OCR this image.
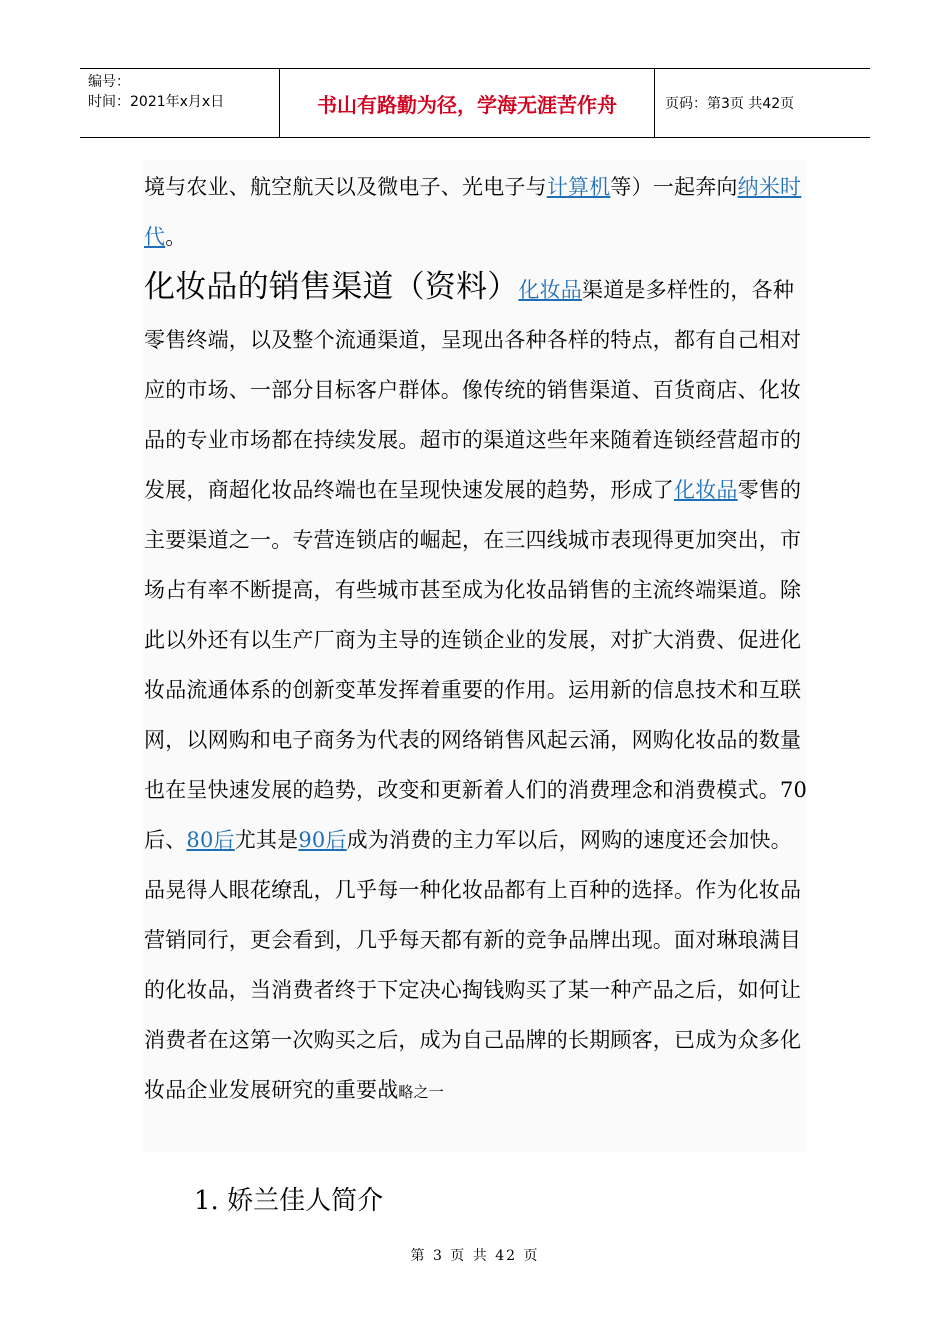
编号：
时间：2021年x月x日	书山有路勤为径，学海无涯苦作舟	页码：第3页 共42页

境与农业、航空航天以及微电子、光电子与计算机等）一起奔向纳米时代。

化妆品的销售渠道（资料）化妆品渠道是多样性的，各种零售终端，以及整个流通渠道，呈现出各种各样的特点，都有自己相对应的市场、一部分目标客户群体。像传统的销售渠道、百货商店、化妆品的专业市场都在持续发展。超市的渠道这些年来随着连锁经营超市的发展，商超化妆品终端也在呈现快速发展的趋势，形成了化妆品零售的主要渠道之一。专营连锁店的崛起，在三四线城市表现得更加突出，市场占有率不断提高，有些城市甚至成为化妆品销售的主流终端渠道。除此以外还有以生产厂商为主导的连锁企业的发展，对扩大消费、促进化妆品流通体系的创新变革发挥着重要的作用。运用新的信息技术和互联网，以网购和电子商务为代表的网络销售风起云涌，网购化妆品的数量也在呈快速发展的趋势，改变和更新着人们的消费理念和消费模式。70后、80后尤其是90后成为消费的主力军以后，网购的速度还会加快。品晃得人眼花缭乱，几乎每一种化妆品都有上百种的选择。作为化妆品营销同行，更会看到，几乎每天都有新的竞争品牌出现。面对琳琅满目的化妆品，当消费者终于下定决心掏钱购买了某一种产品之后，如何让消费者在这第一次购买之后，成为自己品牌的长期顾客，已成为众多化妆品企业发展研究的重要战略之一

1. 娇兰佳人简介
第 3 页 共 42 页
